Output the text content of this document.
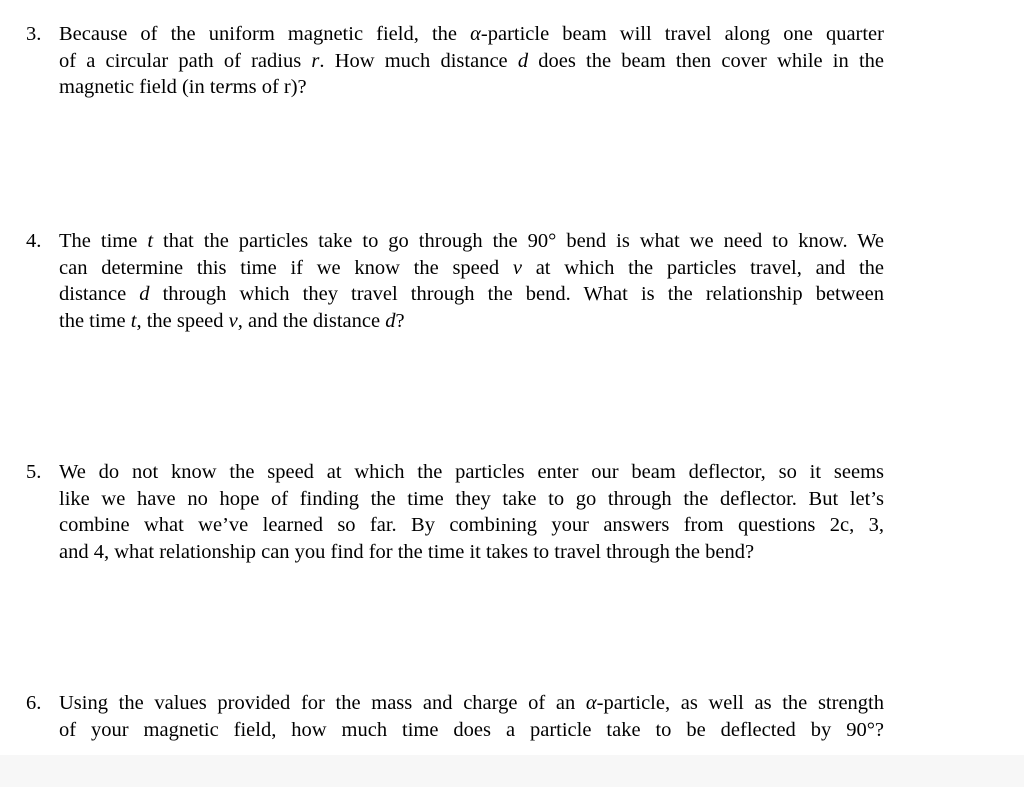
3. Because of the uniform magnetic field, the α-particle beam will travel along one quarter
of a circular path of radius r. How much distance d does the beam then cover while in the
magnetic field (in terms of r)?
4. The time t that the particles take to go through the 90° bend is what we need to know. We
can determine this time if we know the speed v at which the particles travel, and the
distance d through which they travel through the bend. What is the relationship between
the time t, the speed v, and the distance d?
5. We do not know the speed at which the particles enter our beam deflector, so it seems
like we have no hope of finding the time they take to go through the deflector. But let’s
combine what we’ve learned so far. By combining your answers from questions 2c, 3,
and 4, what relationship can you find for the time it takes to travel through the bend?
6. Using the values provided for the mass and charge of an α-particle, as well as the strength
of your magnetic field, how much time does a particle take to be deflected by 90°?
